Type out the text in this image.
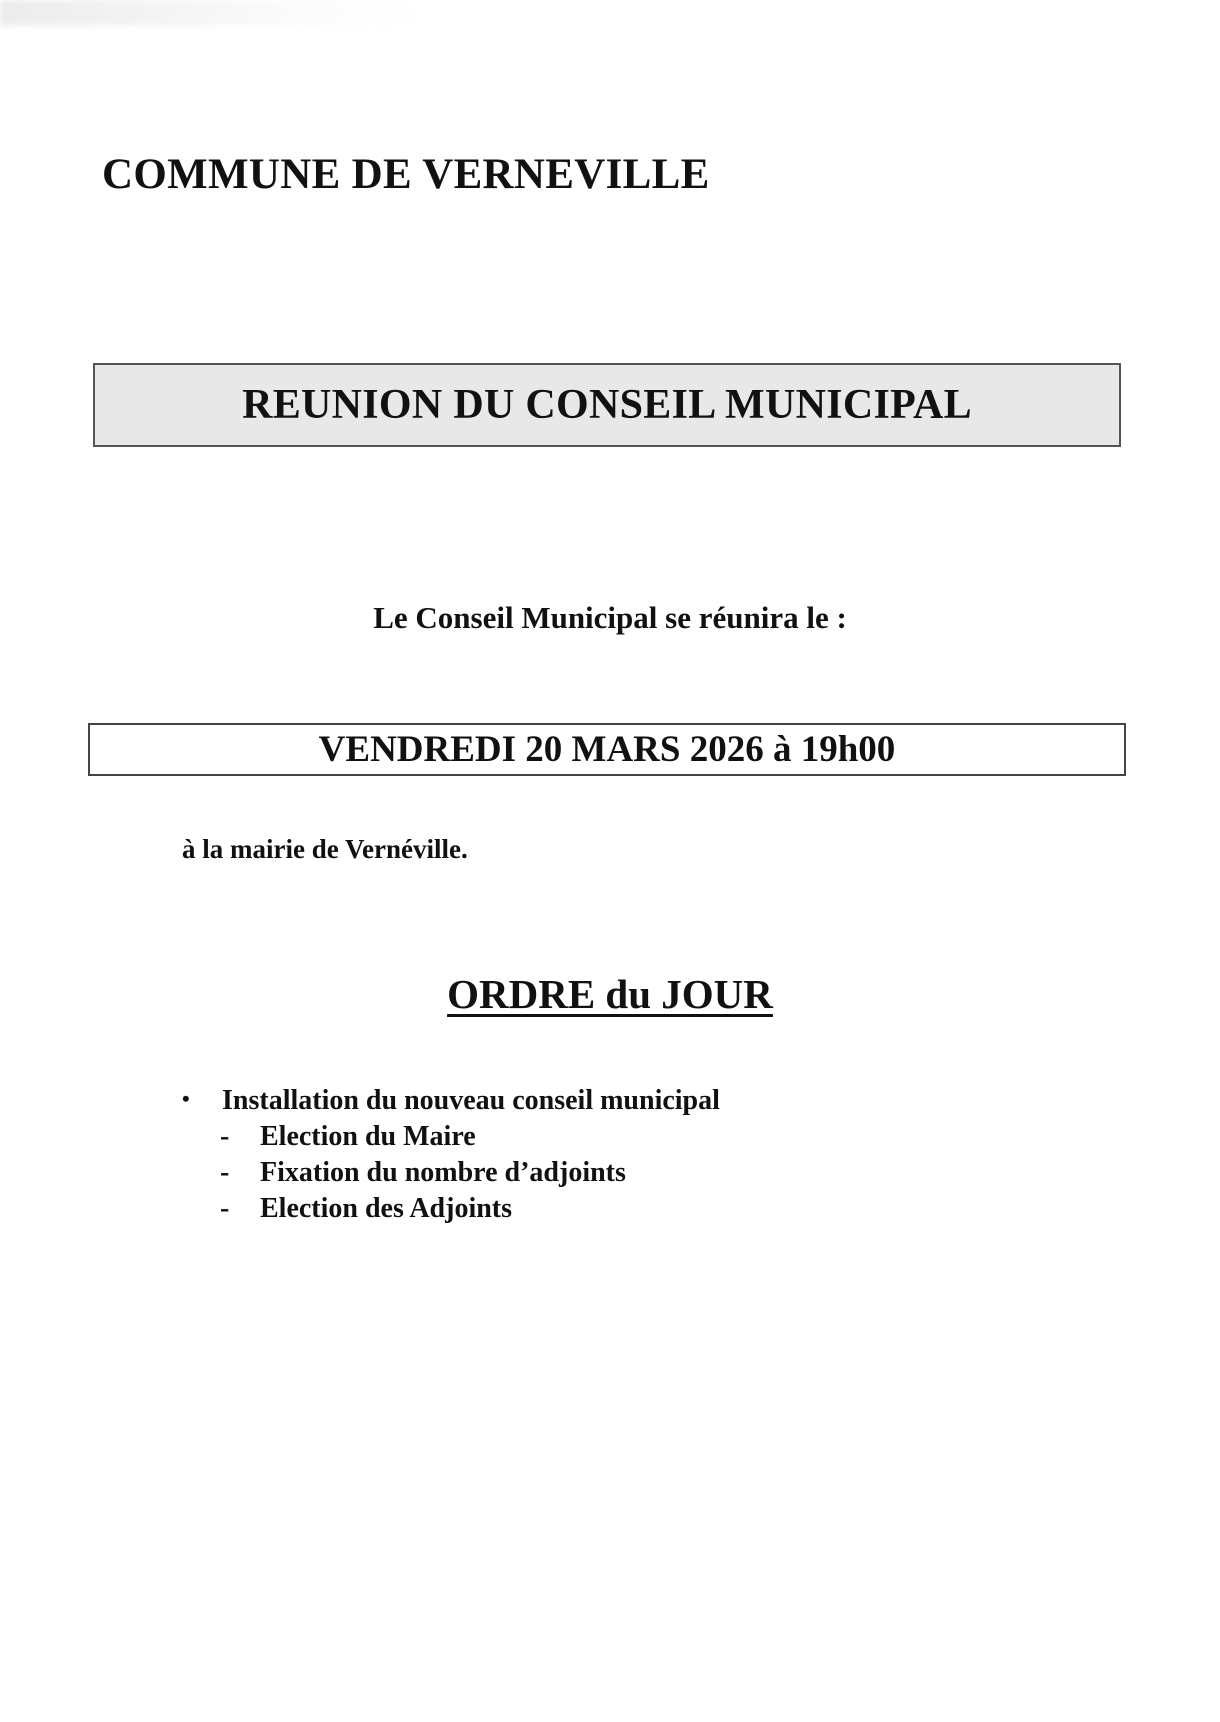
COMMUNE DE VERNEVILLE
REUNION DU CONSEIL MUNICIPAL
Le Conseil Municipal se réunira le :
VENDREDI 20 MARS 2026 à 19h00
à la mairie de Vernéville.
ORDRE du JOUR
•	Installation du nouveau conseil municipal
-	Election du Maire
-	Fixation du nombre d’adjoints
-	Election des Adjoints
